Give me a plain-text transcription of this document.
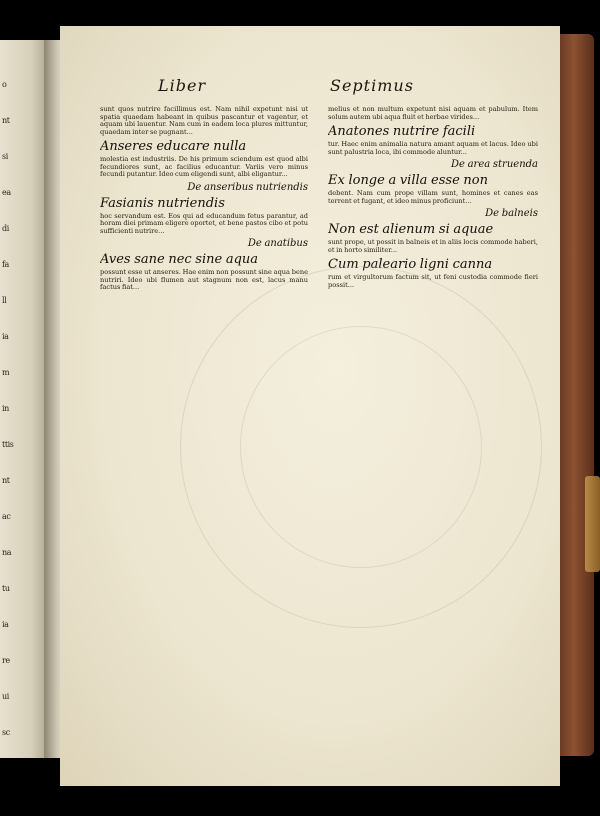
o
nt
si
ea
di
fa
ll
ia
m
in
ttis
nt
ac
na
tu
ia
re
ui
sc
Liber	Septimus

sunt quos nutrire facillimus est. Nam nihil expetunt nisi ut spatia quaedam habeant in quibus pascantur et vagentur, et aquam ubi lauentur. Nam cum in eadem loca plures mittuntur, quaedam inter se pugnant...

Anseres educare nulla

molestia est industriis. De his primum sciendum est quod albi fecundiores sunt, ac facilius educantur. Variis vero minus fecundi putantur. Ideo cum eligendi sunt, albi eligantur...

De anseribus nutriendis
Fasianis nutriendis

hoc servandum est. Eos qui ad educandum fetus parantur, ad horam diei primam eligere oportet, et bene pastos cibo et potu sufficienti nutrire...

De anatibus
Aves sane nec sine aqua

possunt esse ut anseres. Hae enim non possunt sine aqua bene nutriri. Ideo ubi flumen aut stagnum non est, lacus manu factus fiat...

melius et non multum expetunt nisi aquam et pabulum. Item solum autem ubi aqua fluit et herbae virides...

Anatones nutrire facili

tur. Haec enim animalia natura amant aquam et lacus. Ideo ubi sunt palustria loca, ibi commode aluntur...

De area struenda
Ex longe a villa esse non

debent. Nam cum prope villam sunt, homines et canes eas terrent et fugant, et ideo minus proficiunt...

De balneis
Non est alienum si aquae

sunt prope, ut possit in balneis et in aliis locis commode haberi, et in horto similiter...

Cum paleario ligni canna

rum et virgultorum factum sit, ut feni custodia commode fieri possit...
